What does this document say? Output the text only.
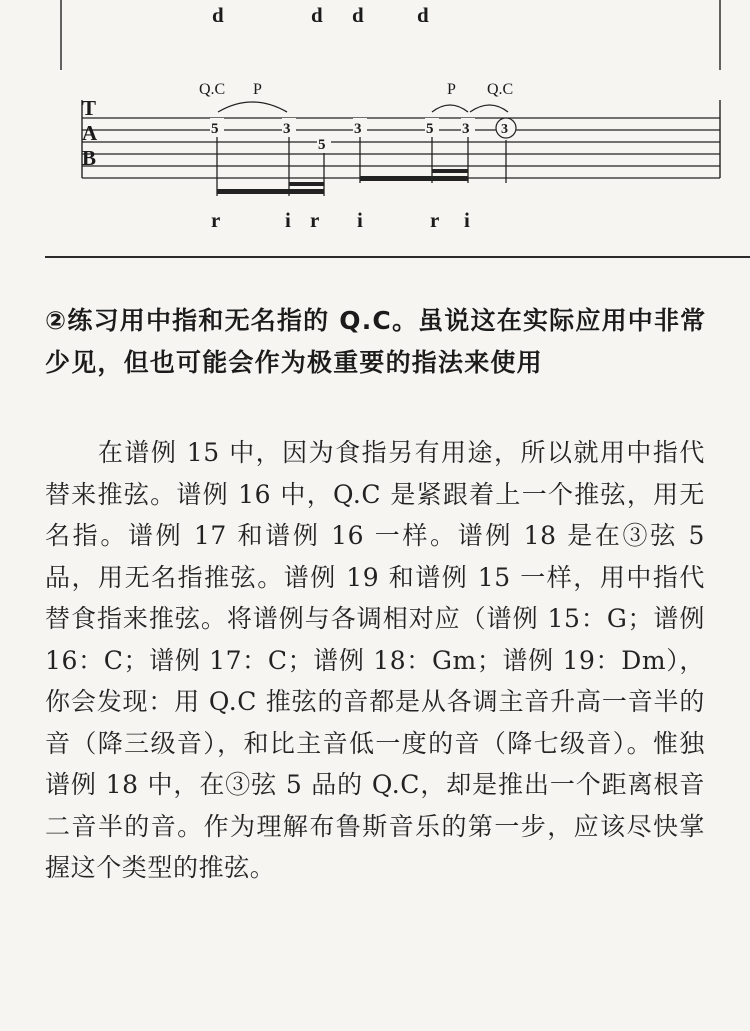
d	d d	d
Q.C P	P Q.C
T
A
B
5	3
5
3	5 3 3
r	i r i	r i
②练习用中指和无名指的 Q.C。虽说这在实际应用中非常少见，但也可能会作为极重要的指法来使用

在谱例 15 中，因为食指另有用途，所以就用中指代替来推弦。谱例 16 中，Q.C 是紧跟着上一个推弦，用无名指。谱例 17 和谱例 16 一样。谱例 18 是在③弦 5 品，用无名指推弦。谱例 19 和谱例 15 一样，用中指代替食指来推弦。将谱例与各调相对应（谱例 15：G；谱例 16：C；谱例 17：C；谱例 18：Gm；谱例 19：Dm），你会发现：用 Q.C 推弦的音都是从各调主音升高一音半的音（降三级音），和比主音低一度的音（降七级音）。惟独谱例 18 中，在③弦 5 品的 Q.C，却是推出一个距离根音二音半的音。作为理解布鲁斯音乐的第一步，应该尽快掌握这个类型的推弦。
